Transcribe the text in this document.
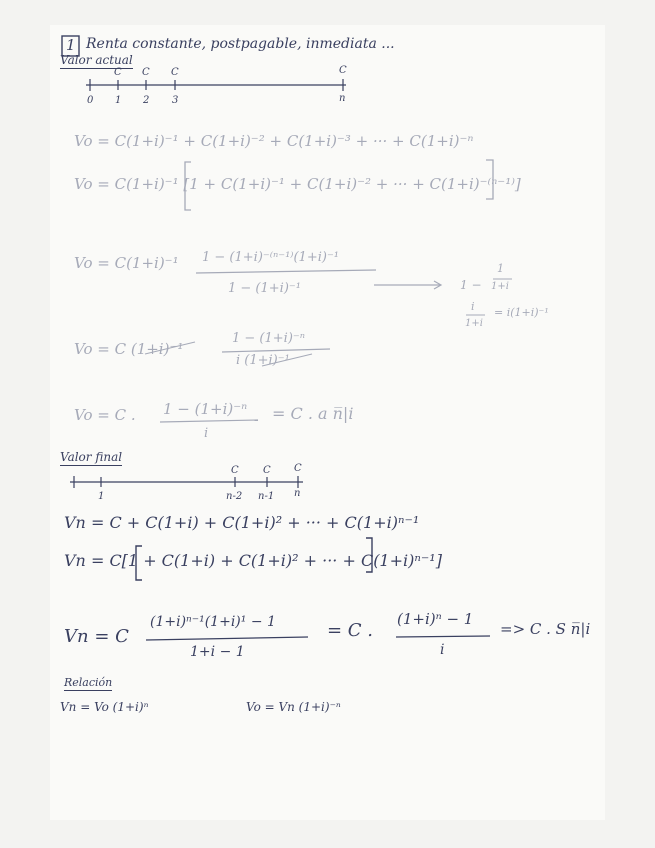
1 Renta constante, postpagable, inmediata ...
Valor actual
C C C	C
0 1 2 3	n
Vo = C(1+i)⁻¹ + C(1+i)⁻² + C(1+i)⁻³ + ··· + C(1+i)⁻ⁿ
Vo = C(1+i)⁻¹ [1 + C(1+i)⁻¹ + C(1+i)⁻² + ··· + C(1+i)⁻⁽ⁿ⁻¹⁾]
Vo = C(1+i)⁻¹ 1 − (1+i)⁻⁽ⁿ⁻¹⁾(1+i)⁻¹
1 − (1+i)⁻¹	1 −
1
1+i
i
1+i
= i(1+i)⁻¹
Vo = C (1+i)⁻¹
1 − (1+i)⁻ⁿ
i (1+i)⁻¹
Vo = C . 1 − (1+i)⁻ⁿ
i
= C . a n̅|i
Valor final
C C C
1	n-2 n-1 n
Vn = C + C(1+i) + C(1+i)² + ··· + C(1+i)ⁿ⁻¹
Vn = C[1 + C(1+i) + C(1+i)² + ··· + C(1+i)ⁿ⁻¹]
Vn = C
(1+i)ⁿ⁻¹(1+i)¹ − 1
1+i − 1
= C .
(1+i)ⁿ − 1
i
=> C . S n̅|i
Relación
Vn = Vo (1+i)ⁿ	Vo = Vn (1+i)⁻ⁿ
